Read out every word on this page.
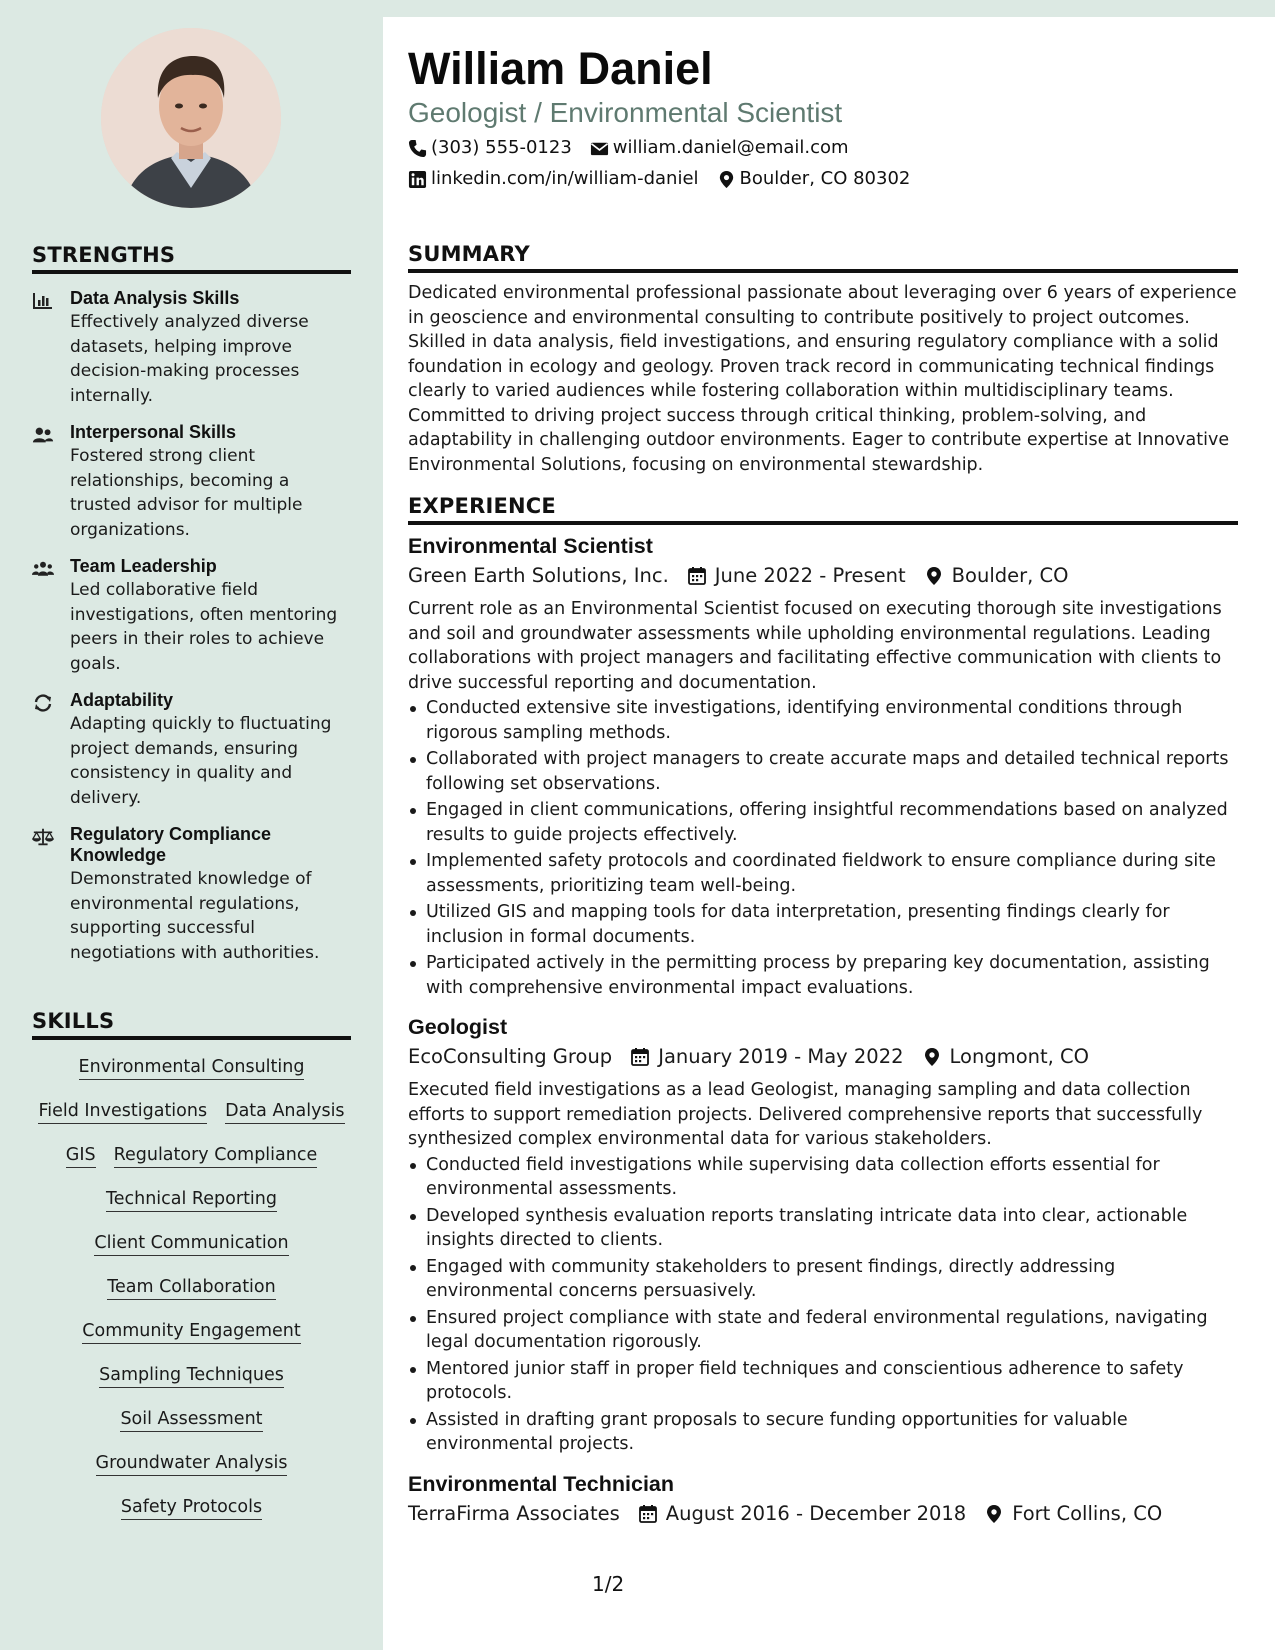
STRENGTHS
Data Analysis Skills
Effectively analyzed diverse datasets, helping improve decision-making processes internally.
Interpersonal Skills
Fostered strong client relationships, becoming a trusted advisor for multiple organizations.
Team Leadership
Led collaborative field investigations, often mentoring peers in their roles to achieve goals.
Adaptability
Adapting quickly to fluctuating project demands, ensuring consistency in quality and delivery.
Regulatory Compliance Knowledge
Demonstrated knowledge of environmental regulations, supporting successful negotiations with authorities.
SKILLS
Environmental Consulting
Field Investigations Data Analysis
GIS Regulatory Compliance
Technical Reporting
Client Communication
Team Collaboration
Community Engagement
Sampling Techniques
Soil Assessment
Groundwater Analysis
Safety Protocols
William Daniel
Geologist / Environmental Scientist
(303) 555-0123 william.daniel@email.com
linkedin.com/in/william-daniel Boulder, CO 80302
SUMMARY
Dedicated environmental professional passionate about leveraging over 6 years of experience in geoscience and environmental consulting to contribute positively to project outcomes. Skilled in data analysis, field investigations, and ensuring regulatory compliance with a solid foundation in ecology and geology. Proven track record in communicating technical findings clearly to varied audiences while fostering collaboration within multidisciplinary teams. Committed to driving project success through critical thinking, problem-solving, and adaptability in challenging outdoor environments. Eager to contribute expertise at Innovative Environmental Solutions, focusing on environmental stewardship.
EXPERIENCE
Environmental Scientist
Green Earth Solutions, Inc. June 2022 - Present Boulder, CO
Current role as an Environmental Scientist focused on executing thorough site investigations and soil and groundwater assessments while upholding environmental regulations. Leading collaborations with project managers and facilitating effective communication with clients to drive successful reporting and documentation.
Conducted extensive site investigations, identifying environmental conditions through rigorous sampling methods.
Collaborated with project managers to create accurate maps and detailed technical reports following set observations.
Engaged in client communications, offering insightful recommendations based on analyzed results to guide projects effectively.
Implemented safety protocols and coordinated fieldwork to ensure compliance during site assessments, prioritizing team well-being.
Utilized GIS and mapping tools for data interpretation, presenting findings clearly for inclusion in formal documents.
Participated actively in the permitting process by preparing key documentation, assisting with comprehensive environmental impact evaluations.
Geologist
EcoConsulting Group January 2019 - May 2022 Longmont, CO
Executed field investigations as a lead Geologist, managing sampling and data collection efforts to support remediation projects. Delivered comprehensive reports that successfully synthesized complex environmental data for various stakeholders.
Conducted field investigations while supervising data collection efforts essential for environmental assessments.
Developed synthesis evaluation reports translating intricate data into clear, actionable insights directed to clients.
Engaged with community stakeholders to present findings, directly addressing environmental concerns persuasively.
Ensured project compliance with state and federal environmental regulations, navigating legal documentation rigorously.
Mentored junior staff in proper field techniques and conscientious adherence to safety protocols.
Assisted in drafting grant proposals to secure funding opportunities for valuable environmental projects.
Environmental Technician
TerraFirma Associates August 2016 - December 2018 Fort Collins, CO
1/2
